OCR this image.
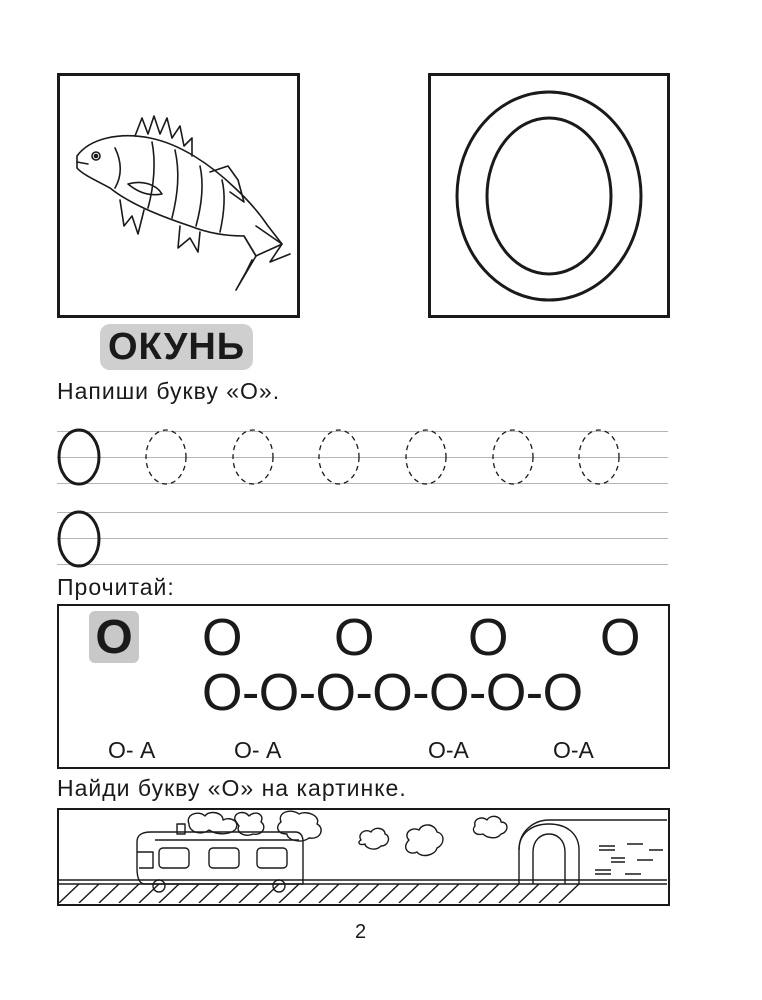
ОКУНЬ
Напиши букву «О».
Прочитай:
О О О О О
О-О-О-О-О-О-О
О- А	О- А	О-А	О-А
Найди букву «О» на картинке.
2
